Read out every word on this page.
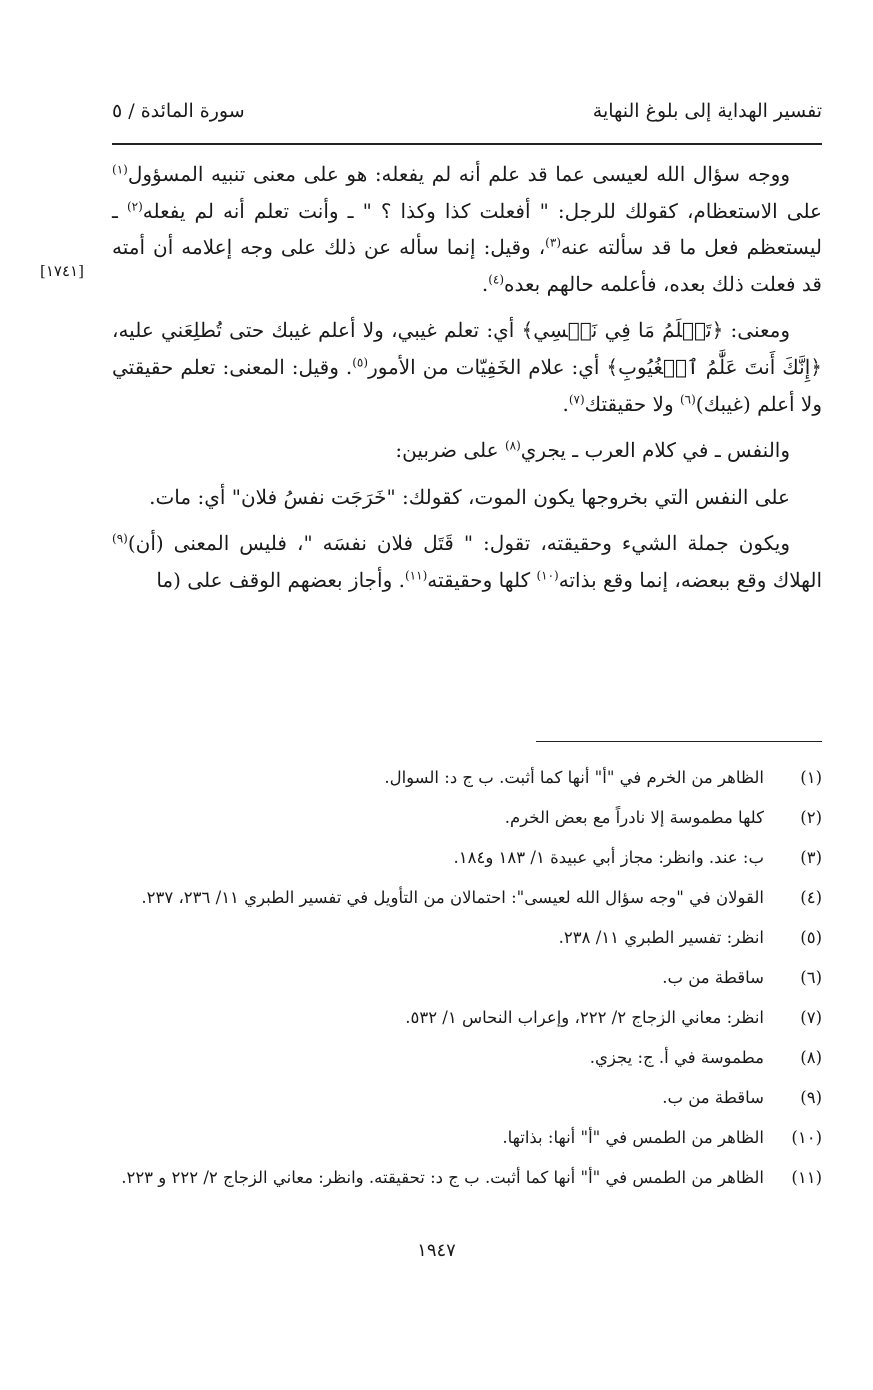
تفسير الهداية إلى بلوغ النهاية
سورة المائدة / ٥
[١٧٤١]

ووجه سؤال الله لعيسى عما قد علم أنه لم يفعله: هو على معنى تنبيه المسؤول$^{(١)}$ على الاستعظام، كقولك للرجل: " أفعلت كذا وكذا ؟ " ـ وأنت تعلم أنه لم يفعله$^{(٢)}$ ـ ليستعظم فعل ما قد سألته عنه$^{(٣)}$، وقيل: إنما سأله عن ذلك على وجه إعلامه أن أمته قد فعلت ذلك بعده، فأعلمه حالهم بعده$^{(٤)}$.

ومعنى: ﴿تَعۡلَمُ مَا فِي نَفۡسِي﴾ أي: تعلم غيبي، ولا أعلم غيبك حتى تُطلِعَني عليه، ﴿إِنَّكَ أَنتَ عَلَّٰمُ ٱلۡغُيُوبِ﴾ أي: علام الخَفِيّات من الأمور$^{(٥)}$. وقيل: المعنى: تعلم حقيقتي ولا أعلم (غيبك)$^{(٦)}$ ولا حقيقتك$^{(٧)}$.

والنفس ـ في كلام العرب ـ يجري$^{(٨)}$ على ضربين:

على النفس التي بخروجها يكون الموت، كقولك: "خَرَجَت نفسُ فلان" أي: مات.

ويكون جملة الشيء وحقيقته، تقول: " قَتَل فلان نفسَه "، فليس المعنى (أن)$^{(٩)}$ الهلاك وقع ببعضه، إنما وقع بذاته$^{(١٠)}$ كلها وحقيقته$^{(١١)}$. وأجاز بعضهم الوقف على (ما

(١)
الظاهر من الخرم في "أ" أنها كما أثبت. ب ج د: السوال.
(٢)
كلها مطموسة إلا نادراً مع بعض الخرم.
(٣)
ب: عند. وانظر: مجاز أبي عبيدة ١/ ١٨٣ و١٨٤.
(٤)
القولان في "وجه سؤال الله لعيسى": احتمالان من التأويل في تفسير الطبري ١١/ ٢٣٦، ٢٣٧.
(٥)
انظر: تفسير الطبري ١١/ ٢٣٨.
(٦)
ساقطة من ب.
(٧)
انظر: معاني الزجاج ٢/ ٢٢٢، وإعراب النحاس ١/ ٥٣٢.
(٨)
مطموسة في أ. ج: يجزي.
(٩)
ساقطة من ب.
(١٠)
الظاهر من الطمس في "أ" أنها: بذاتها.
(١١)
الظاهر من الطمس في "أ" أنها كما أثبت. ب ج د: تحقيقته. وانظر: معاني الزجاج ٢/ ٢٢٢ و ٢٢٣.
١٩٤٧
